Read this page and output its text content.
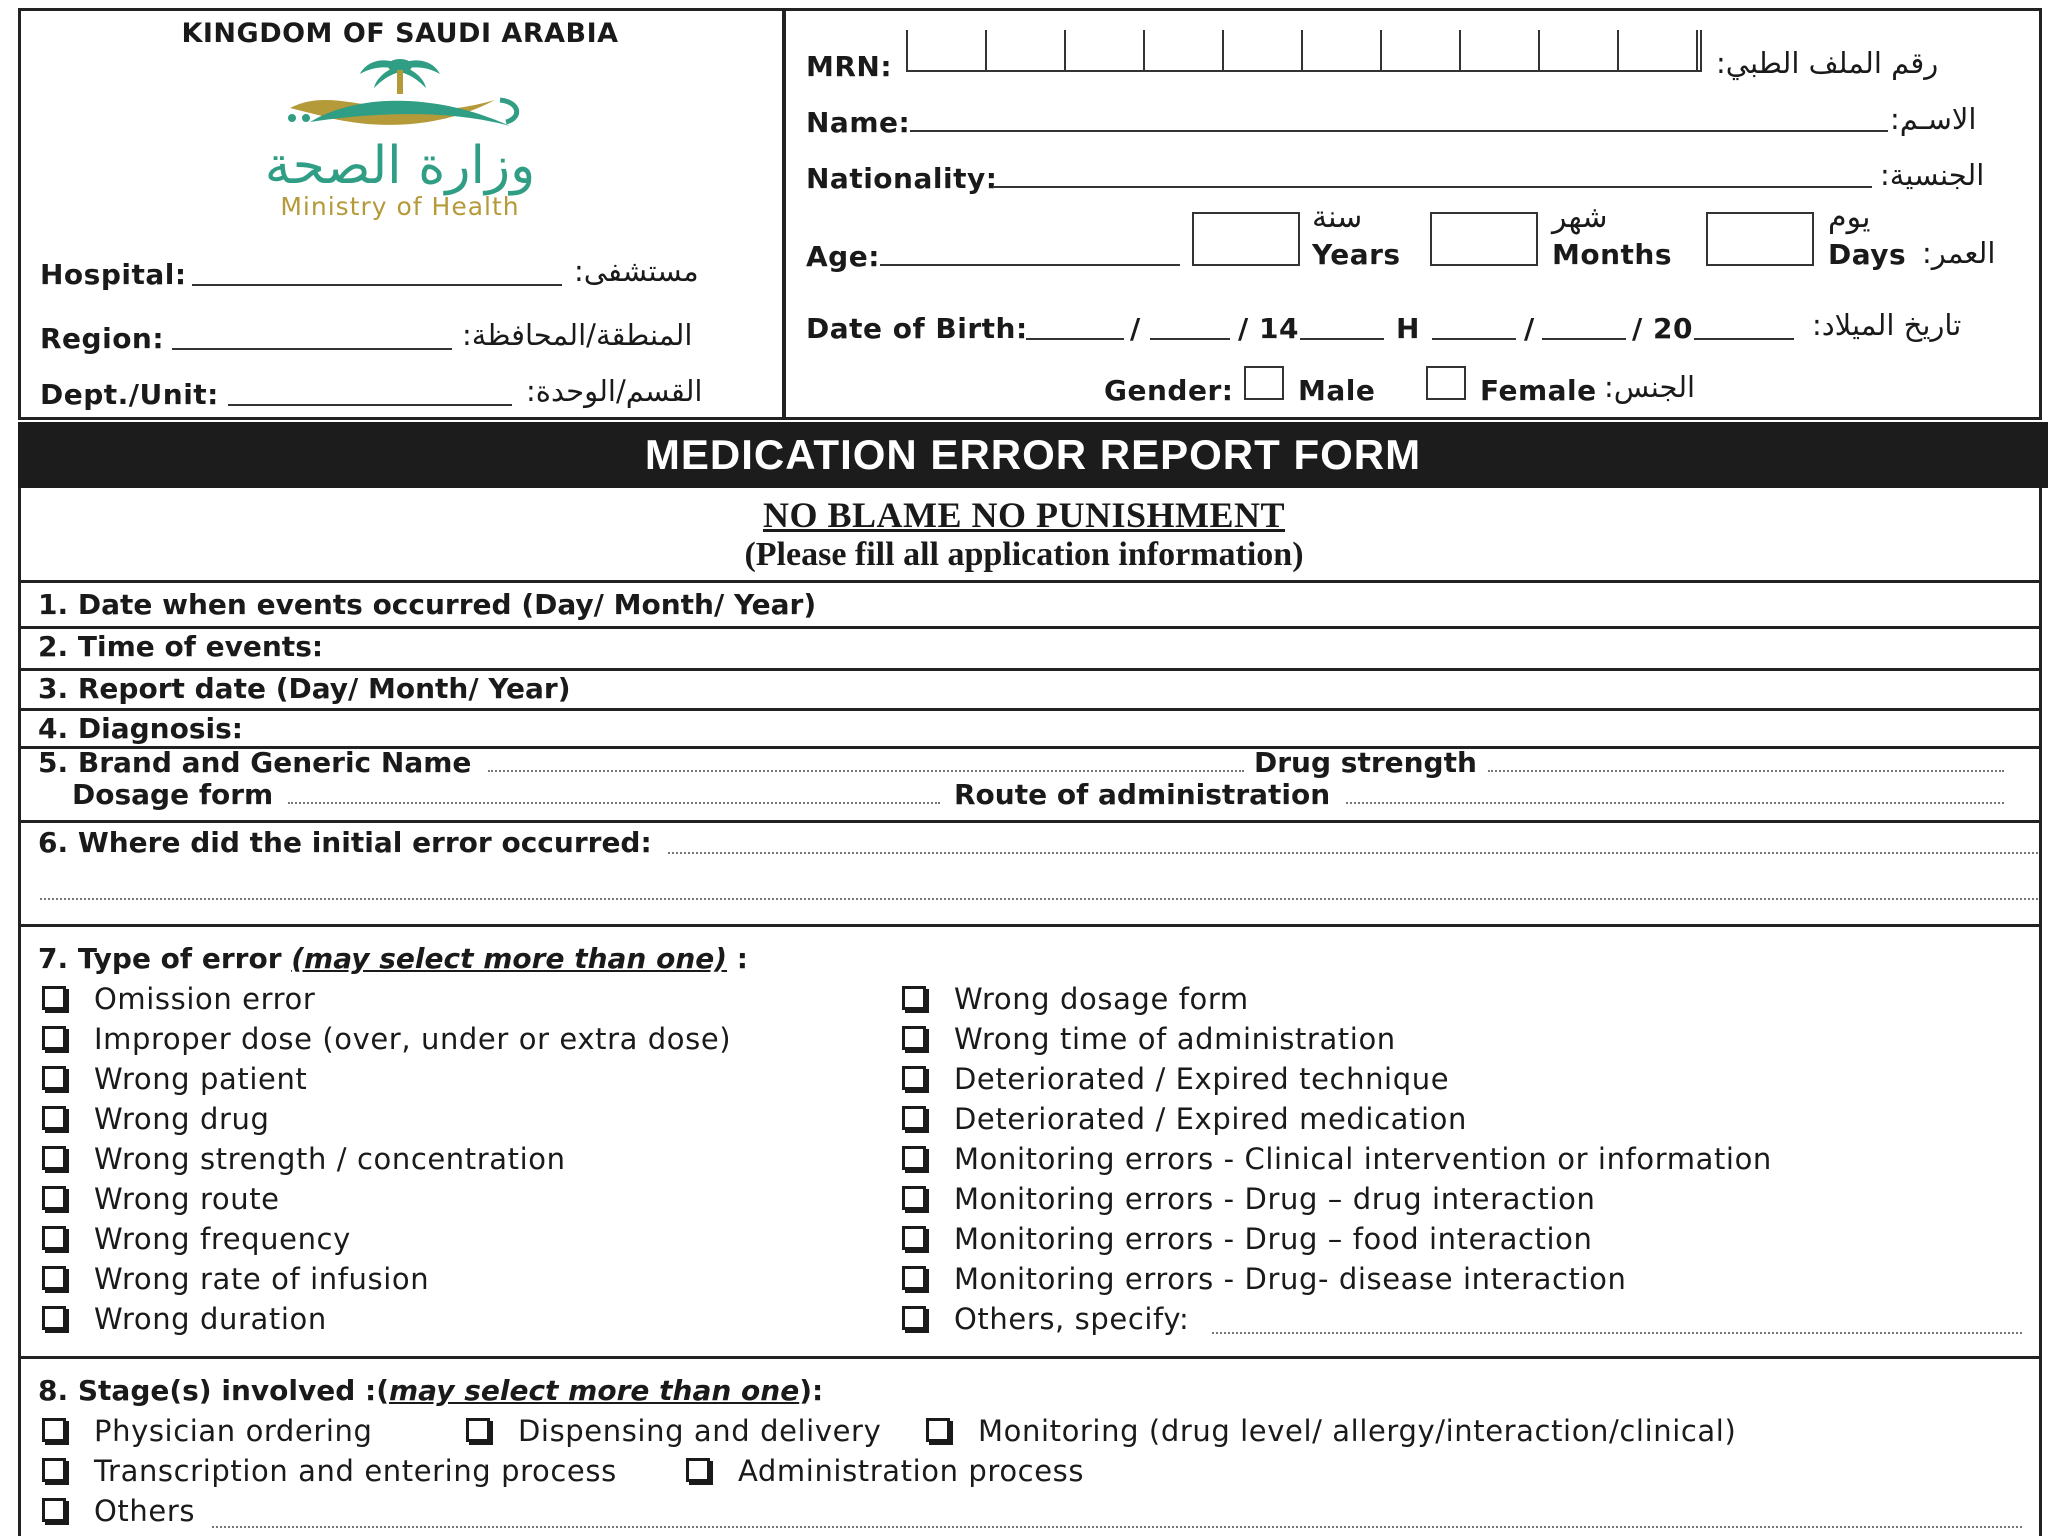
KINGDOM OF SAUDI ARABIA
وزارة الصحة
Ministry of Health
Hospital:	مستشفى:
Region:	المنطقة/المحافظة:
Dept./Unit:	القسم/الوحدة:
MRN:	رقم الملف الطبي:
Name:	الاسـم:
Nationality:	الجنسية:
Age:
سنة
Years
شهر
Months
يوم
Days العمر:
Date of Birth:	/	/ 14	H	/	/ 20	تاريخ الميلاد:
Gender: Male	Female الجنس:
MEDICATION ERROR REPORT FORM
NO BLAME NO PUNISHMENT
(Please fill all application information)
1. Date when events occurred (Day/ Month/ Year)
2. Time of events:
3. Report date (Day/ Month/ Year)
4. Diagnosis:
5. Brand and Generic Name	Drug strength
Dosage form	Route of administration
6. Where did the initial error occurred:
7. Type of error (may select more than one) :
Omission error
Improper dose (over, under or extra dose)
Wrong patient
Wrong drug
Wrong strength / concentration
Wrong route
Wrong frequency
Wrong rate of infusion
Wrong duration
Wrong dosage form
Wrong time of administration
Deteriorated / Expired technique
Deteriorated / Expired medication
Monitoring errors - Clinical intervention or information
Monitoring errors - Drug – drug interaction
Monitoring errors - Drug – food interaction
Monitoring errors - Drug- disease interaction
Others, specify:
8. Stage(s) involved :(may select more than one):
Physician ordering	Dispensing and delivery	Monitoring (drug level/ allergy/interaction/clinical)
Transcription and entering process	Administration process
Others
